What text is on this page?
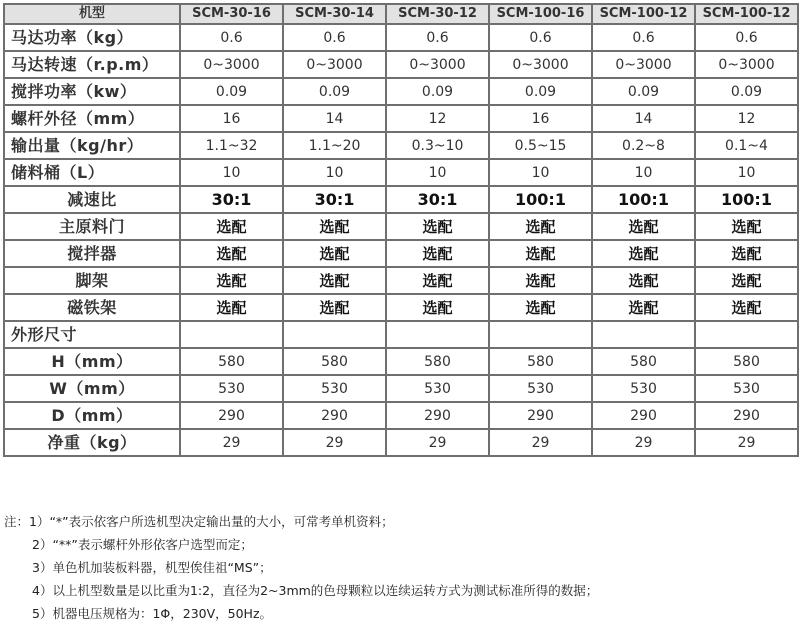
机型	SCM-30-16	SCM-30-14	SCM-30-12	SCM-100-16	SCM-100-12	SCM-100-12
马达功率（kg）	0.6	0.6	0.6	0.6	0.6	0.6
马达转速（r.p.m）	0~3000	0~3000	0~3000	0~3000	0~3000	0~3000
搅拌功率（kw）	0.09	0.09	0.09	0.09	0.09	0.09
螺杆外径（mm）	16	14	12	16	14	12
输出量（kg/hr）	1.1~32	1.1~20	0.3~10	0.5~15	0.2~8	0.1~4
储料桶（L）	10	10	10	10	10	10
减速比	30:1	30:1	30:1	100:1	100:1	100:1
主原料门	选配	选配	选配	选配	选配	选配
搅拌器	选配	选配	选配	选配	选配	选配
脚架	选配	选配	选配	选配	选配	选配
磁铁架	选配	选配	选配	选配	选配	选配
外形尺寸						
H（mm）	580	580	580	580	580	580
W（mm）	530	530	530	530	530	530
D（mm）	290	290	290	290	290	290
净重（kg）	29	29	29	29	29	29
注：1）“*”表示依客户所选机型决定输出量的大小，可常考单机资料；
2）“**”表示螺杆外形依客户选型而定；
3）单色机加装板料器，机型俟佳祖“MS”；
4）以上机型数量是以比重为1:2，直径为2~3mm的色母颗粒以连续运转方式为测试标准所得的数据；
5）机器电压规格为：1Φ，230V，50Hz。
